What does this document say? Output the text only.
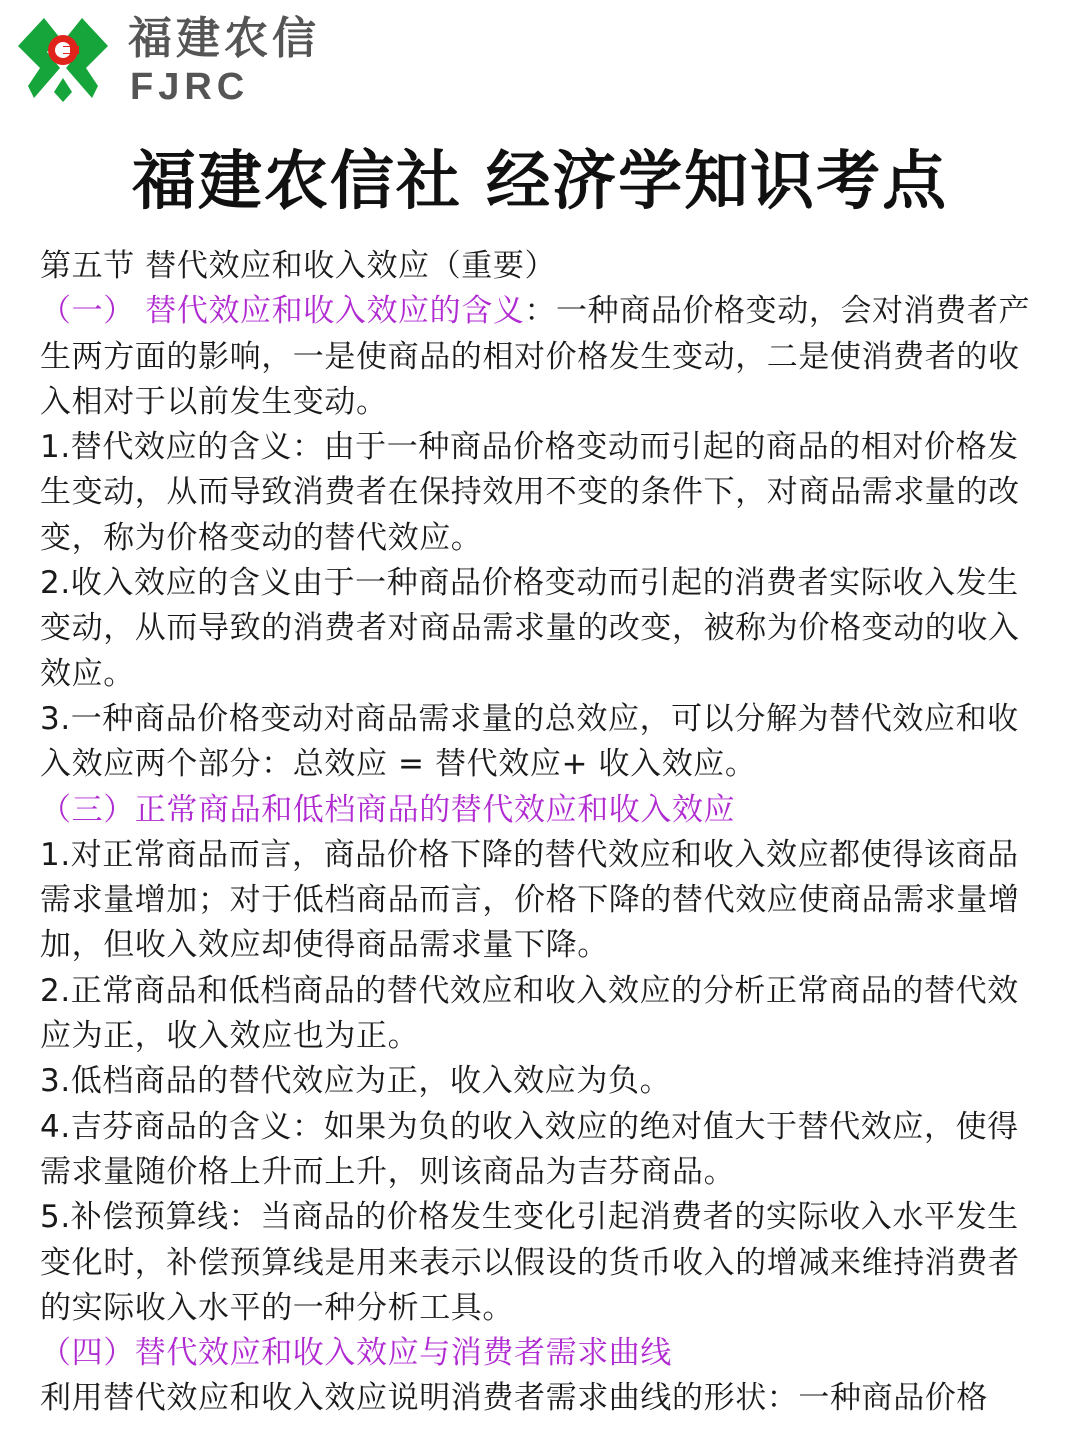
福建农信
FJRC
福建农信社 经济学知识考点

第五节 替代效应和收入效应（重要）

（一） 替代效应和收入效应的含义：一种商品价格变动，会对消费者产生两方面的影响，一是使商品的相对价格发生变动，二是使消费者的收入相对于以前发生变动。

1.替代效应的含义：由于一种商品价格变动而引起的商品的相对价格发生变动，从而导致消费者在保持效用不变的条件下，对商品需求量的改变，称为价格变动的替代效应。

2.收入效应的含义由于一种商品价格变动而引起的消费者实际收入发生变动，从而导致的消费者对商品需求量的改变，被称为价格变动的收入效应。

3.一种商品价格变动对商品需求量的总效应，可以分解为替代效应和收入效应两个部分：总效应 = 替代效应+ 收入效应。

（三）正常商品和低档商品的替代效应和收入效应

1.对正常商品而言，商品价格下降的替代效应和收入效应都使得该商品需求量增加；对于低档商品而言，价格下降的替代效应使商品需求量增加，但收入效应却使得商品需求量下降。

2.正常商品和低档商品的替代效应和收入效应的分析正常商品的替代效应为正，收入效应也为正。

3.低档商品的替代效应为正，收入效应为负。

4.吉芬商品的含义：如果为负的收入效应的绝对值大于替代效应，使得需求量随价格上升而上升，则该商品为吉芬商品。

5.补偿预算线：当商品的价格发生变化引起消费者的实际收入水平发生变化时，补偿预算线是用来表示以假设的货币收入的增减来维持消费者的实际收入水平的一种分析工具。

（四）替代效应和收入效应与消费者需求曲线

利用替代效应和收入效应说明消费者需求曲线的形状：一种商品价格
